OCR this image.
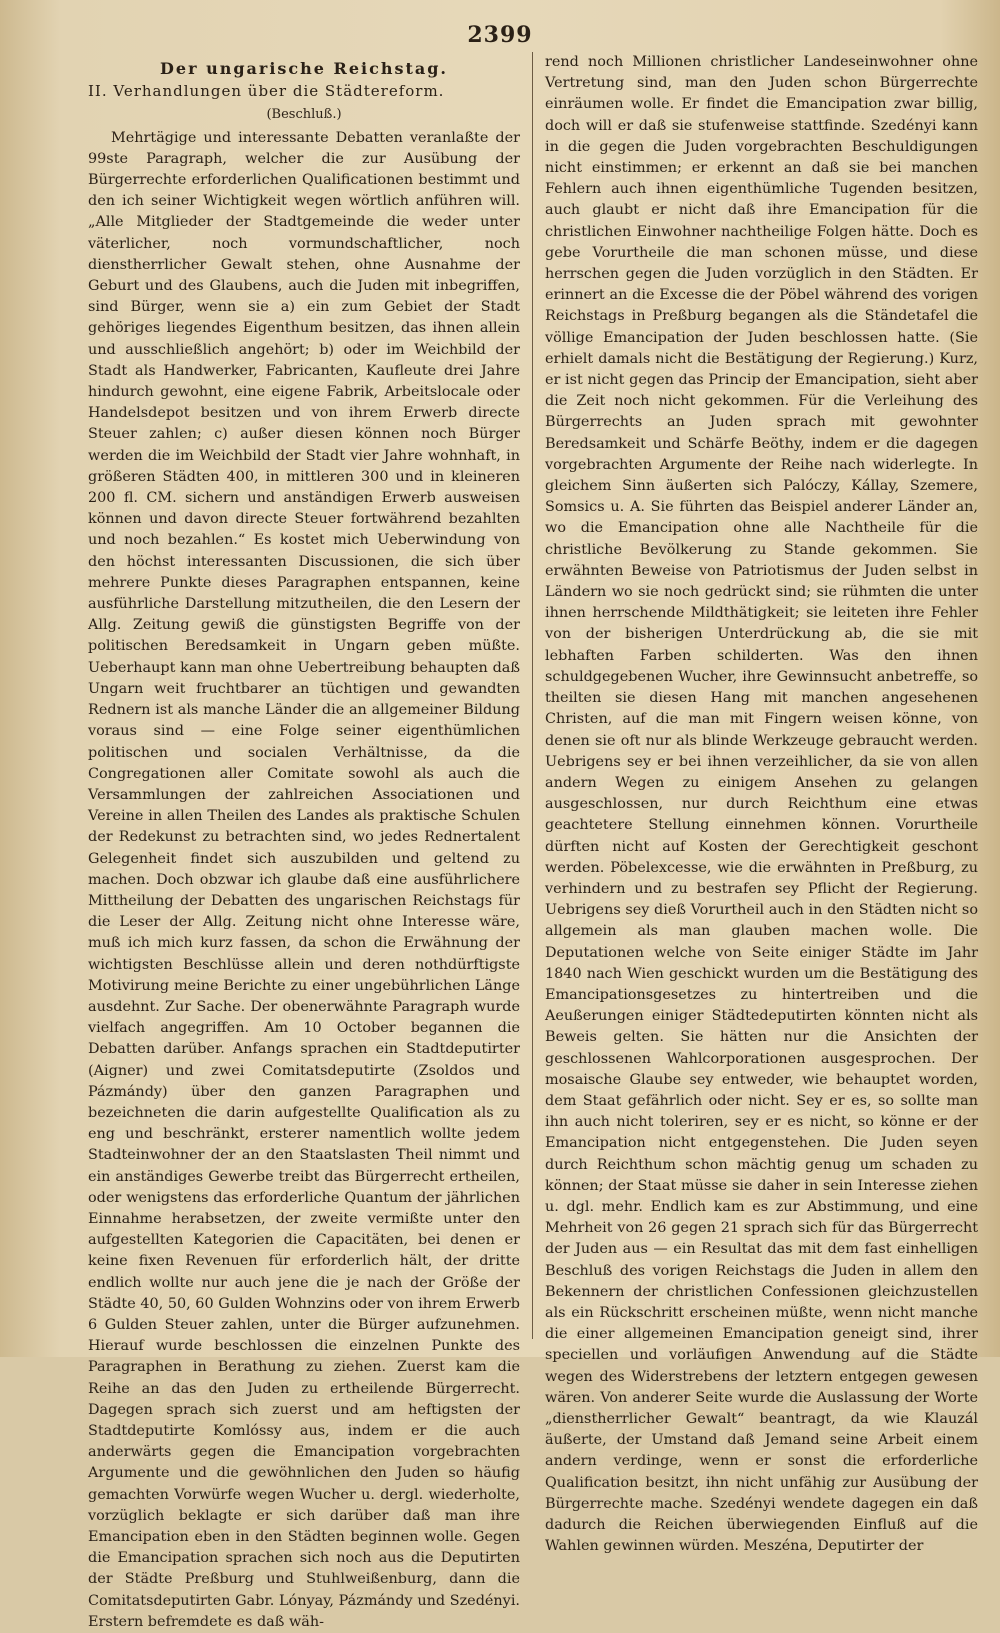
2399
Der ungarische Reichstag.
II. Verhandlungen über die Städtereform.
(Beschluß.)

Mehrtägige und interessante Debatten veranlaßte der 99ste Paragraph, welcher die zur Ausübung der Bürgerrechte erforderlichen Qualificationen bestimmt und den ich seiner Wichtigkeit wegen wörtlich anführen will. „Alle Mitglieder der Stadtgemeinde die weder unter väterlicher, noch vormundschaftlicher, noch dienstherrlicher Gewalt stehen, ohne Ausnahme der Geburt und des Glaubens, auch die Juden mit inbegriffen, sind Bürger, wenn sie a) ein zum Gebiet der Stadt gehöriges liegendes Eigenthum besitzen, das ihnen allein und ausschließlich angehört; b) oder im Weichbild der Stadt als Handwerker, Fabricanten, Kaufleute drei Jahre hindurch gewohnt, eine eigene Fabrik, Arbeitslocale oder Handelsdepot besitzen und von ihrem Erwerb directe Steuer zahlen; c) außer diesen können noch Bürger werden die im Weichbild der Stadt vier Jahre wohnhaft, in größeren Städten 400, in mittleren 300 und in kleineren 200 fl. CM. sichern und anständigen Erwerb ausweisen können und davon directe Steuer fortwährend bezahlten und noch bezahlen.“ Es kostet mich Ueberwindung von den höchst interessanten Discussionen, die sich über mehrere Punkte dieses Paragraphen entspannen, keine ausführliche Darstellung mitzutheilen, die den Lesern der Allg. Zeitung gewiß die günstigsten Begriffe von der politischen Beredsamkeit in Ungarn geben müßte. Ueberhaupt kann man ohne Uebertreibung behaupten daß Ungarn weit fruchtbarer an tüchtigen und gewandten Rednern ist als manche Länder die an allgemeiner Bildung voraus sind — eine Folge seiner eigenthümlichen politischen und socialen Verhältnisse, da die Congregationen aller Comitate sowohl als auch die Versammlungen der zahlreichen Associationen und Vereine in allen Theilen des Landes als praktische Schulen der Redekunst zu betrachten sind, wo jedes Rednertalent Gelegenheit findet sich auszubilden und geltend zu machen. Doch obzwar ich glaube daß eine ausführlichere Mittheilung der Debatten des ungarischen Reichstags für die Leser der Allg. Zeitung nicht ohne Interesse wäre, muß ich mich kurz fassen, da schon die Erwähnung der wichtigsten Beschlüsse allein und deren nothdürftigste Motivirung meine Berichte zu einer ungebührlichen Länge ausdehnt. Zur Sache. Der obenerwähnte Paragraph wurde vielfach angegriffen. Am 10 October begannen die Debatten darüber. Anfangs sprachen ein Stadtdeputirter (Aigner) und zwei Comitatsdeputirte (Zsoldos und Pázmándy) über den ganzen Paragraphen und bezeichneten die darin aufgestellte Qualification als zu eng und beschränkt, ersterer namentlich wollte jedem Stadteinwohner der an den Staatslasten Theil nimmt und ein anständiges Gewerbe treibt das Bürgerrecht ertheilen, oder wenigstens das erforderliche Quantum der jährlichen Einnahme herabsetzen, der zweite vermißte unter den aufgestellten Kategorien die Capacitäten, bei denen er keine fixen Revenuen für erforderlich hält, der dritte endlich wollte nur auch jene die je nach der Größe der Städte 40, 50, 60 Gulden Wohnzins oder von ihrem Erwerb 6 Gulden Steuer zahlen, unter die Bürger aufzunehmen. Hierauf wurde beschlossen die einzelnen Punkte des Paragraphen in Berathung zu ziehen. Zuerst kam die Reihe an das den Juden zu ertheilende Bürgerrecht. Dagegen sprach sich zuerst und am heftigsten der Stadtdeputirte Komlóssy aus, indem er die auch anderwärts gegen die Emancipation vorgebrachten Argumente und die gewöhnlichen den Juden so häufig gemachten Vorwürfe wegen Wucher u. dergl. wiederholte, vorzüglich beklagte er sich darüber daß man ihre Emancipation eben in den Städten beginnen wolle. Gegen die Emancipation sprachen sich noch aus die Deputirten der Städte Preßburg und Stuhlweißenburg, dann die Comitatsdeputirten Gabr. Lónyay, Pázmándy und Szedényi. Erstern befremdete es daß wäh-

rend noch Millionen christlicher Landeseinwohner ohne Vertretung sind, man den Juden schon Bürgerrechte einräumen wolle. Er findet die Emancipation zwar billig, doch will er daß sie stufenweise stattfinde. Szedényi kann in die gegen die Juden vorgebrachten Beschuldigungen nicht einstimmen; er erkennt an daß sie bei manchen Fehlern auch ihnen eigenthümliche Tugenden besitzen, auch glaubt er nicht daß ihre Emancipation für die christlichen Einwohner nachtheilige Folgen hätte. Doch es gebe Vorurtheile die man schonen müsse, und diese herrschen gegen die Juden vorzüglich in den Städten. Er erinnert an die Excesse die der Pöbel während des vorigen Reichstags in Preßburg begangen als die Ständetafel die völlige Emancipation der Juden beschlossen hatte. (Sie erhielt damals nicht die Bestätigung der Regierung.) Kurz, er ist nicht gegen das Princip der Emancipation, sieht aber die Zeit noch nicht gekommen. Für die Verleihung des Bürgerrechts an Juden sprach mit gewohnter Beredsamkeit und Schärfe Beöthy, indem er die dagegen vorgebrachten Argumente der Reihe nach widerlegte. In gleichem Sinn äußerten sich Palóczy, Kállay, Szemere, Somsics u. A. Sie führten das Beispiel anderer Länder an, wo die Emancipation ohne alle Nachtheile für die christliche Bevölkerung zu Stande gekommen. Sie erwähnten Beweise von Patriotismus der Juden selbst in Ländern wo sie noch gedrückt sind; sie rühmten die unter ihnen herrschende Mildthätigkeit; sie leiteten ihre Fehler von der bisherigen Unterdrückung ab, die sie mit lebhaften Farben schilderten. Was den ihnen schuldgegebenen Wucher, ihre Gewinnsucht anbetreffe, so theilten sie diesen Hang mit manchen angesehenen Christen, auf die man mit Fingern weisen könne, von denen sie oft nur als blinde Werkzeuge gebraucht werden. Uebrigens sey er bei ihnen verzeihlicher, da sie von allen andern Wegen zu einigem Ansehen zu gelangen ausgeschlossen, nur durch Reichthum eine etwas geachtetere Stellung einnehmen können. Vorurtheile dürften nicht auf Kosten der Gerechtigkeit geschont werden. Pöbelexcesse, wie die erwähnten in Preßburg, zu verhindern und zu bestrafen sey Pflicht der Regierung. Uebrigens sey dieß Vorurtheil auch in den Städten nicht so allgemein als man glauben machen wolle. Die Deputationen welche von Seite einiger Städte im Jahr 1840 nach Wien geschickt wurden um die Bestätigung des Emancipationsgesetzes zu hintertreiben und die Aeußerungen einiger Städtedeputirten könnten nicht als Beweis gelten. Sie hätten nur die Ansichten der geschlossenen Wahlcorporationen ausgesprochen. Der mosaische Glaube sey entweder, wie behauptet worden, dem Staat gefährlich oder nicht. Sey er es, so sollte man ihn auch nicht toleriren, sey er es nicht, so könne er der Emancipation nicht entgegenstehen. Die Juden seyen durch Reichthum schon mächtig genug um schaden zu können; der Staat müsse sie daher in sein Interesse ziehen u. dgl. mehr. Endlich kam es zur Abstimmung, und eine Mehrheit von 26 gegen 21 sprach sich für das Bürgerrecht der Juden aus — ein Resultat das mit dem fast einhelligen Beschluß des vorigen Reichstags die Juden in allem den Bekennern der christlichen Confessionen gleichzustellen als ein Rückschritt erscheinen müßte, wenn nicht manche die einer allgemeinen Emancipation geneigt sind, ihrer speciellen und vorläufigen Anwendung auf die Städte wegen des Widerstrebens der letztern entgegen gewesen wären. Von anderer Seite wurde die Auslassung der Worte „dienstherrlicher Gewalt“ beantragt, da wie Klauzál äußerte, der Umstand daß Jemand seine Arbeit einem andern verdinge, wenn er sonst die erforderliche Qualification besitzt, ihn nicht unfähig zur Ausübung der Bürgerrechte mache. Szedényi wendete dagegen ein daß dadurch die Reichen überwiegenden Einfluß auf die Wahlen gewinnen würden. Meszéna, Deputirter der
